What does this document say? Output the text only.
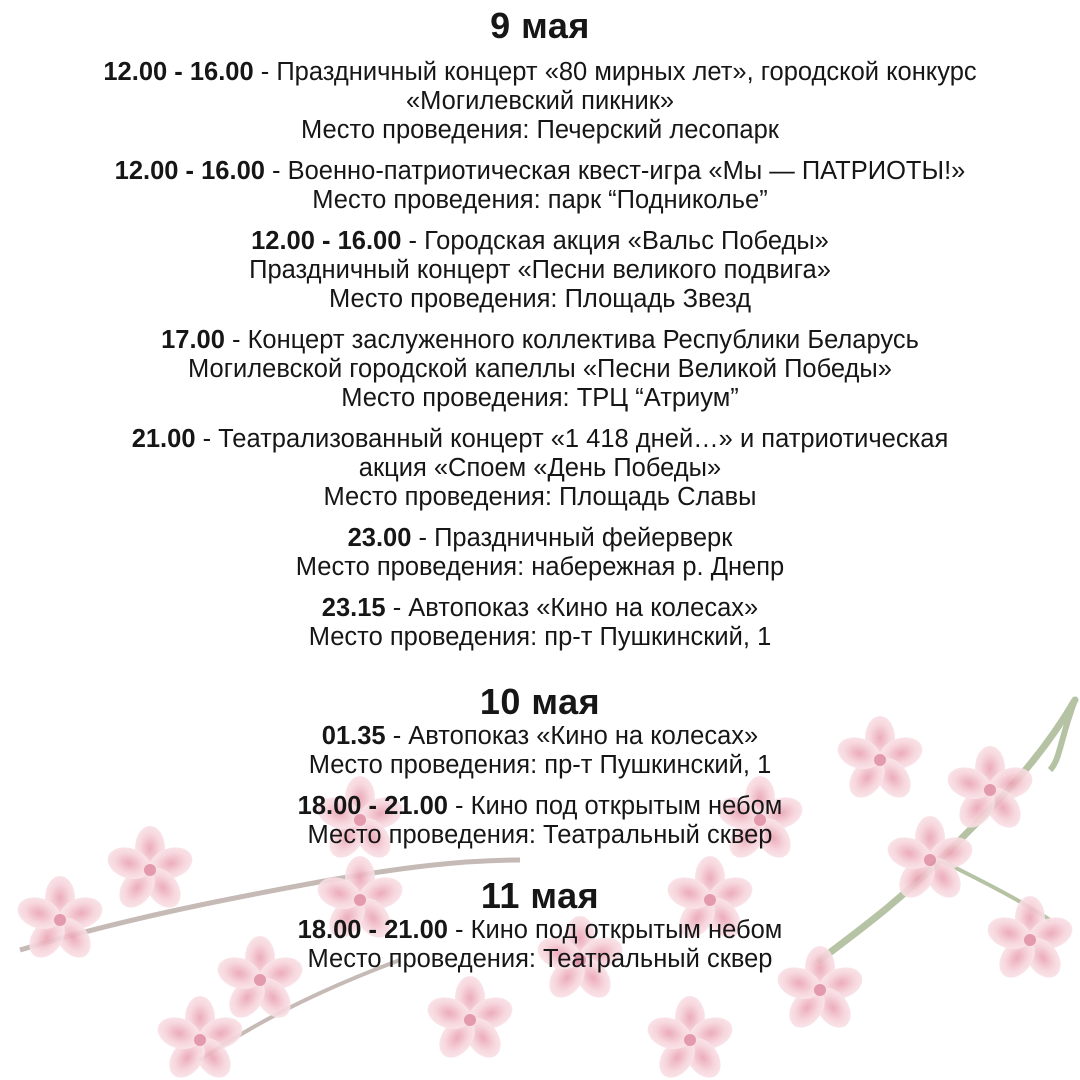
9 мая
12.00 - 16.00 - Праздничный концерт «80 мирных лет», городской конкурс
«Могилевский пикник»
Место проведения: Печерский лесопарк
12.00 - 16.00 - Военно-патриотическая квест-игра «Мы — ПАТРИОТЫ!»
Место проведения: парк “Подниколье”
12.00 - 16.00 - Городская акция «Вальс Победы»
Праздничный концерт «Песни великого подвига»
Место проведения: Площадь Звезд
17.00 - Концерт заслуженного коллектива Республики Беларусь
Могилевской городской капеллы «Песни Великой Победы»
Место проведения: ТРЦ “Атриум”
21.00 - Театрализованный концерт «1 418 дней…» и патриотическая
акция «Споем «День Победы»
Место проведения: Площадь Славы
23.00 - Праздничный фейерверк
Место проведения: набережная р. Днепр
23.15 - Автопоказ «Кино на колесах»
Место проведения: пр-т Пушкинский, 1
10 мая
01.35 - Автопоказ «Кино на колесах»
Место проведения: пр-т Пушкинский, 1
18.00 - 21.00 - Кино под открытым небом
Место проведения: Театральный сквер
11 мая
18.00 - 21.00 - Кино под открытым небом
Место проведения: Театральный сквер
